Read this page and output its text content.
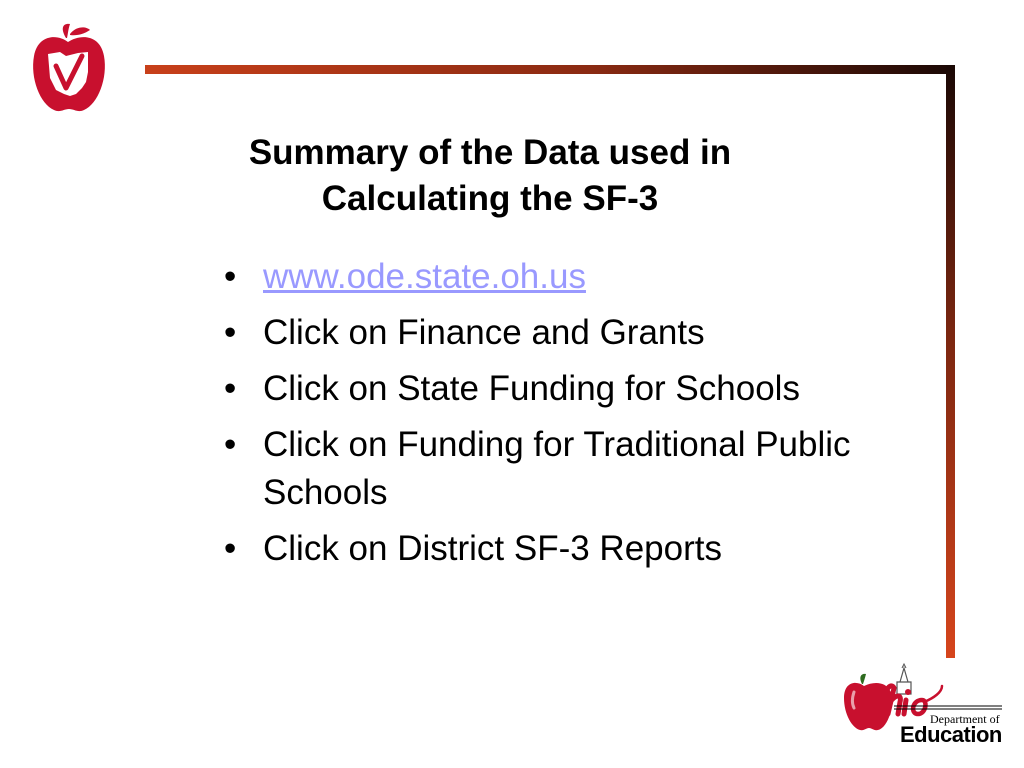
Summary of the Data used in
Calculating the SF-3
• www.ode.state.oh.us
• Click on Finance and Grants
• Click on State Funding for Schools
• Click on Funding for Traditional Public Schools
• Click on District SF-3 Reports
Department of
Education
